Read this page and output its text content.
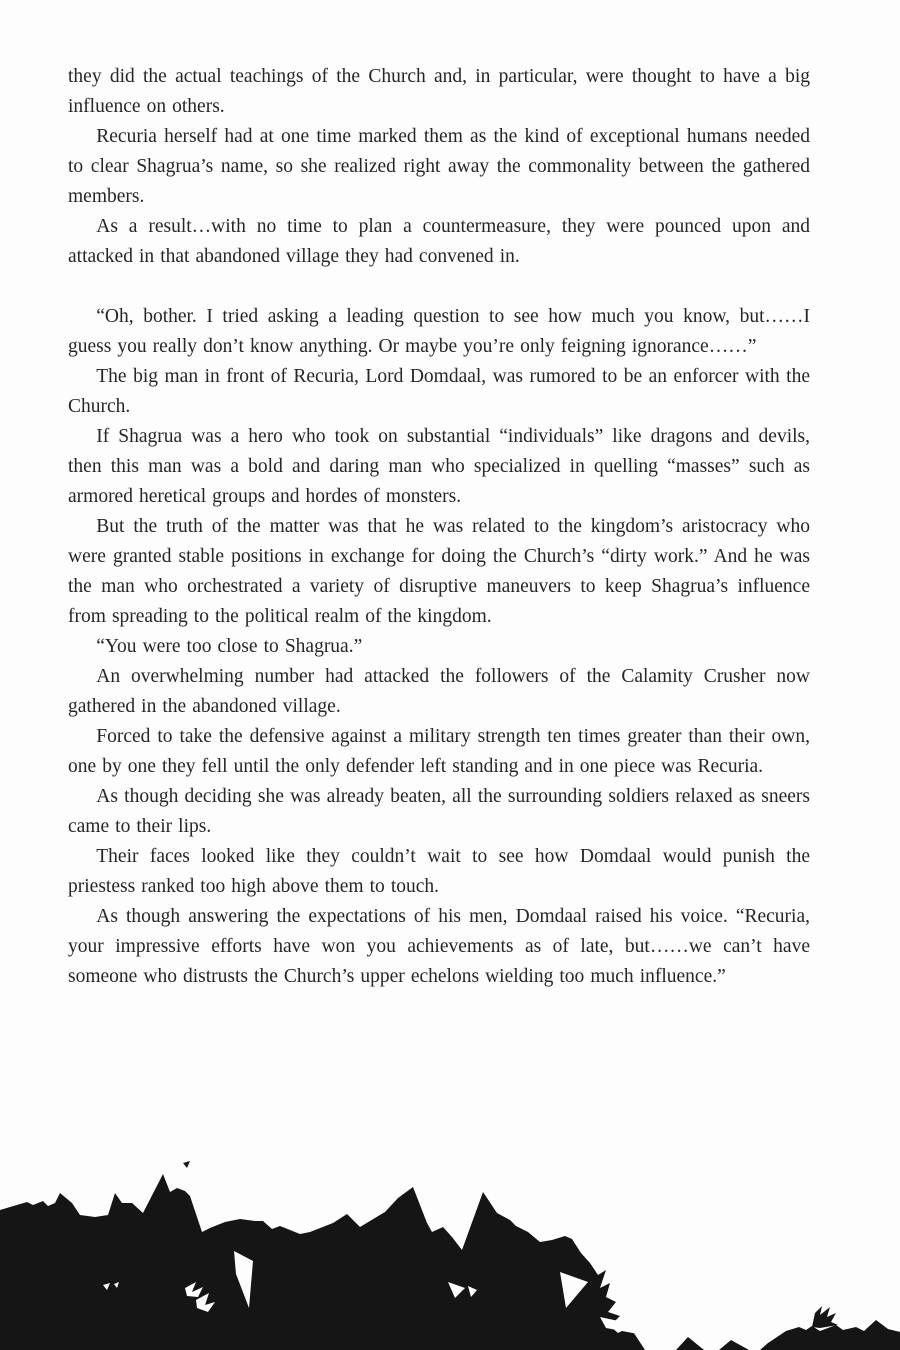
they did the actual teachings of the Church and, in particular, were thought to have a big influence on others.

Recuria herself had at one time marked them as the kind of exceptional humans needed to clear Shagrua’s name, so she realized right away the commonality between the gathered members.

As a result…with no time to plan a countermeasure, they were pounced upon and attacked in that abandoned village they had convened in.

“Oh, bother. I tried asking a leading question to see how much you know, but……I guess you really don’t know anything. Or maybe you’re only feigning ignorance……”

The big man in front of Recuria, Lord Domdaal, was rumored to be an enforcer with the Church.

If Shagrua was a hero who took on substantial “individuals” like dragons and devils, then this man was a bold and daring man who specialized in quelling “masses” such as armored heretical groups and hordes of monsters.

But the truth of the matter was that he was related to the kingdom’s aristocracy who were granted stable positions in exchange for doing the Church’s “dirty work.” And he was the man who orchestrated a variety of disruptive maneuvers to keep Shagrua’s influence from spreading to the political realm of the kingdom.

“You were too close to Shagrua.”

An overwhelming number had attacked the followers of the Calamity Crusher now gathered in the abandoned village.

Forced to take the defensive against a military strength ten times greater than their own, one by one they fell until the only defender left standing and in one piece was Recuria.

As though deciding she was already beaten, all the surrounding soldiers relaxed as sneers came to their lips.

Their faces looked like they couldn’t wait to see how Domdaal would punish the priestess ranked too high above them to touch.

As though answering the expectations of his men, Domdaal raised his voice. “Recuria, your impressive efforts have won you achievements as of late, but……we can’t have someone who distrusts the Church’s upper echelons wielding too much influence.”
